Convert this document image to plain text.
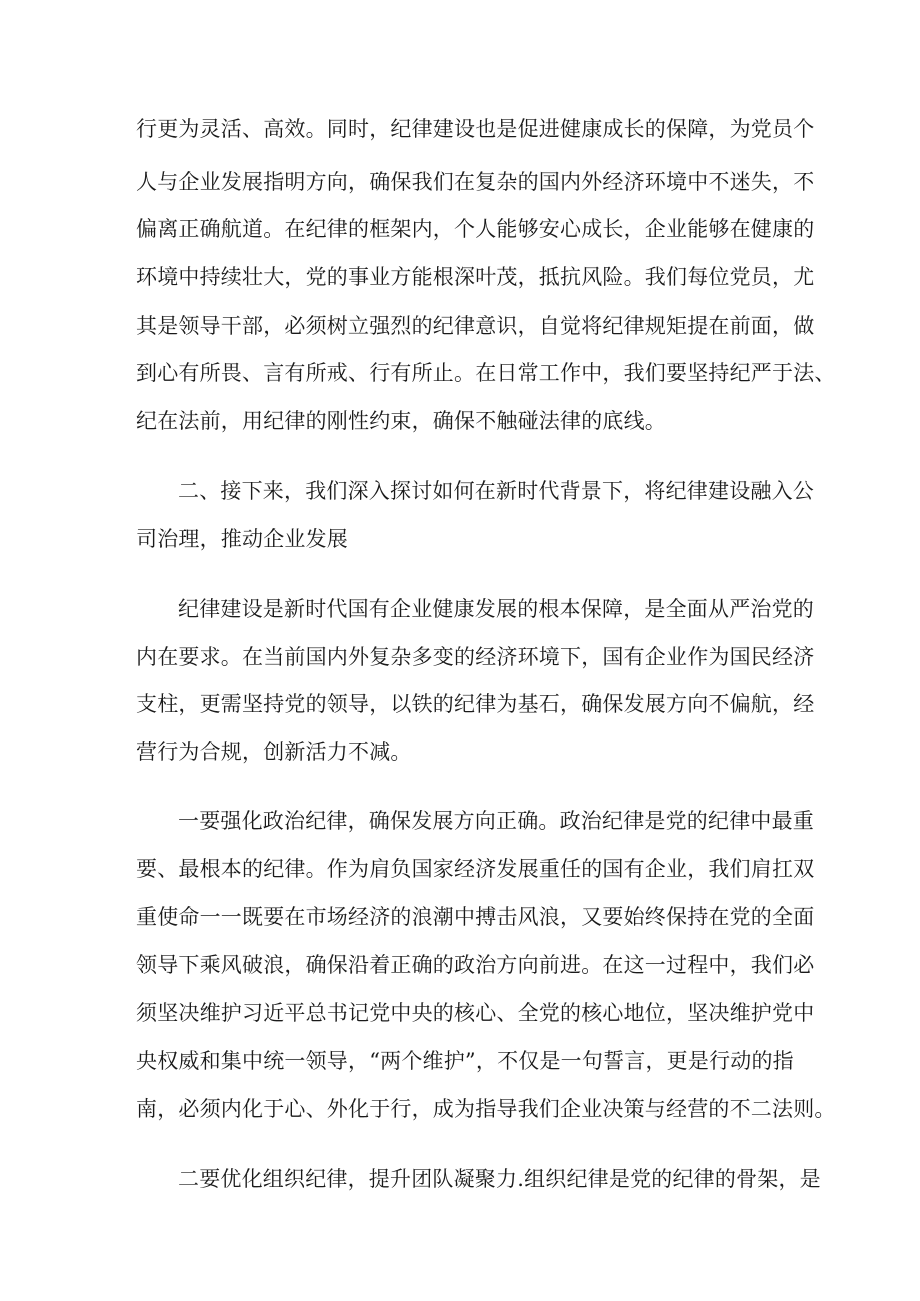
行更为灵活、高效。同时，纪律建设也是促进健康成长的保障，为党员个
人与企业发展指明方向，确保我们在复杂的国内外经济环境中不迷失，不
偏离正确航道。在纪律的框架内，个人能够安心成长，企业能够在健康的
环境中持续壮大，党的事业方能根深叶茂，抵抗风险。我们每位党员，尤
其是领导干部，必须树立强烈的纪律意识，自觉将纪律规矩提在前面，做
到心有所畏、言有所戒、行有所止。在日常工作中，我们要坚持纪严于法、
纪在法前，用纪律的刚性约束，确保不触碰法律的底线。
二、接下来，我们深入探讨如何在新时代背景下，将纪律建设融入公
司治理，推动企业发展
纪律建设是新时代国有企业健康发展的根本保障，是全面从严治党的
内在要求。在当前国内外复杂多变的经济环境下，国有企业作为国民经济
支柱，更需坚持党的领导，以铁的纪律为基石，确保发展方向不偏航，经
营行为合规，创新活力不减。
一要强化政治纪律，确保发展方向正确。政治纪律是党的纪律中最重
要、最根本的纪律。作为肩负国家经济发展重任的国有企业，我们肩扛双
重使命一一既要在市场经济的浪潮中搏击风浪，又要始终保持在党的全面
领导下乘风破浪，确保沿着正确的政治方向前进。在这一过程中，我们必
须坚决维护习近平总书记党中央的核心、全党的核心地位，坚决维护党中
央权威和集中统一领导，“两个维护”，不仅是一句誓言，更是行动的指
南，必须内化于心、外化于行，成为指导我们企业决策与经营的不二法则。
二要优化组织纪律，提升团队凝聚力.组织纪律是党的纪律的骨架，是
